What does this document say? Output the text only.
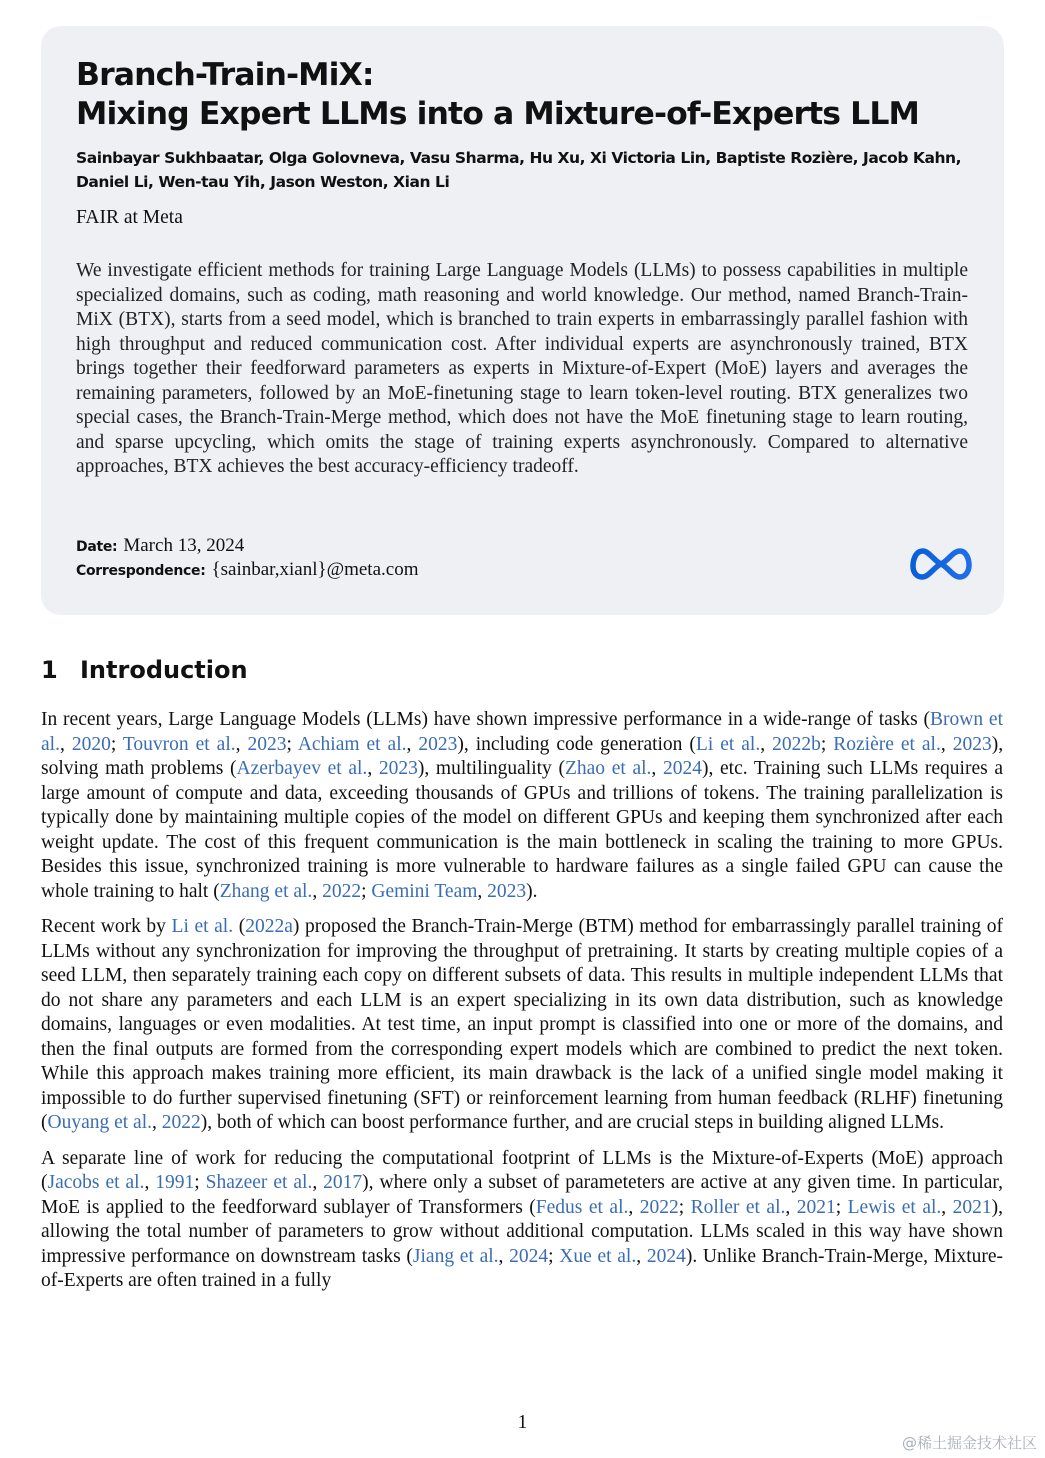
Branch-Train-MiX:
Mixing Expert LLMs into a Mixture-of-Experts LLM

Sainbayar Sukhbaatar, Olga Golovneva, Vasu Sharma, Hu Xu, Xi Victoria Lin, Baptiste Rozière, Jacob Kahn, Daniel Li, Wen-tau Yih, Jason Weston, Xian Li

FAIR at Meta

We investigate efficient methods for training Large Language Models (LLMs) to possess capabilities in multiple specialized domains, such as coding, math reasoning and world knowledge. Our method, named Branch-Train-MiX (BTX), starts from a seed model, which is branched to train experts in embarrassingly parallel fashion with high throughput and reduced communication cost. After individual experts are asynchronously trained, BTX brings together their feedforward parameters as experts in Mixture-of-Expert (MoE) layers and averages the remaining parameters, followed by an MoE-finetuning stage to learn token-level routing. BTX generalizes two special cases, the Branch-Train-Merge method, which does not have the MoE finetuning stage to learn routing, and sparse upcycling, which omits the stage of training experts asynchronously. Compared to alternative approaches, BTX achieves the best accuracy-efficiency tradeoff.

Date: March 13, 2024
Correspondence: {sainbar,xianl}@meta.com
1 Introduction

In recent years, Large Language Models (LLMs) have shown impressive performance in a wide-range of tasks (Brown et al., 2020; Touvron et al., 2023; Achiam et al., 2023), including code generation (Li et al., 2022b; Rozière et al., 2023), solving math problems (Azerbayev et al., 2023), multilinguality (Zhao et al., 2024), etc. Training such LLMs requires a large amount of compute and data, exceeding thousands of GPUs and trillions of tokens. The training parallelization is typically done by maintaining multiple copies of the model on different GPUs and keeping them synchronized after each weight update. The cost of this frequent communication is the main bottleneck in scaling the training to more GPUs. Besides this issue, synchronized training is more vulnerable to hardware failures as a single failed GPU can cause the whole training to halt (Zhang et al., 2022; Gemini Team, 2023).

Recent work by Li et al. (2022a) proposed the Branch-Train-Merge (BTM) method for embarrassingly parallel training of LLMs without any synchronization for improving the throughput of pretraining. It starts by creating multiple copies of a seed LLM, then separately training each copy on different subsets of data. This results in multiple independent LLMs that do not share any parameters and each LLM is an expert specializing in its own data distribution, such as knowledge domains, languages or even modalities. At test time, an input prompt is classified into one or more of the domains, and then the final outputs are formed from the corresponding expert models which are combined to predict the next token. While this approach makes training more efficient, its main drawback is the lack of a unified single model making it impossible to do further supervised finetuning (SFT) or reinforcement learning from human feedback (RLHF) finetuning (Ouyang et al., 2022), both of which can boost performance further, and are crucial steps in building aligned LLMs.

A separate line of work for reducing the computational footprint of LLMs is the Mixture-of-Experts (MoE) approach (Jacobs et al., 1991; Shazeer et al., 2017), where only a subset of parameteters are active at any given time. In particular, MoE is applied to the feedforward sublayer of Transformers (Fedus et al., 2022; Roller et al., 2021; Lewis et al., 2021), allowing the total number of parameters to grow without additional computation. LLMs scaled in this way have shown impressive performance on downstream tasks (Jiang et al., 2024; Xue et al., 2024). Unlike Branch-Train-Merge, Mixture-of-Experts are often trained in a fully

1
@稀土掘金技术社区
